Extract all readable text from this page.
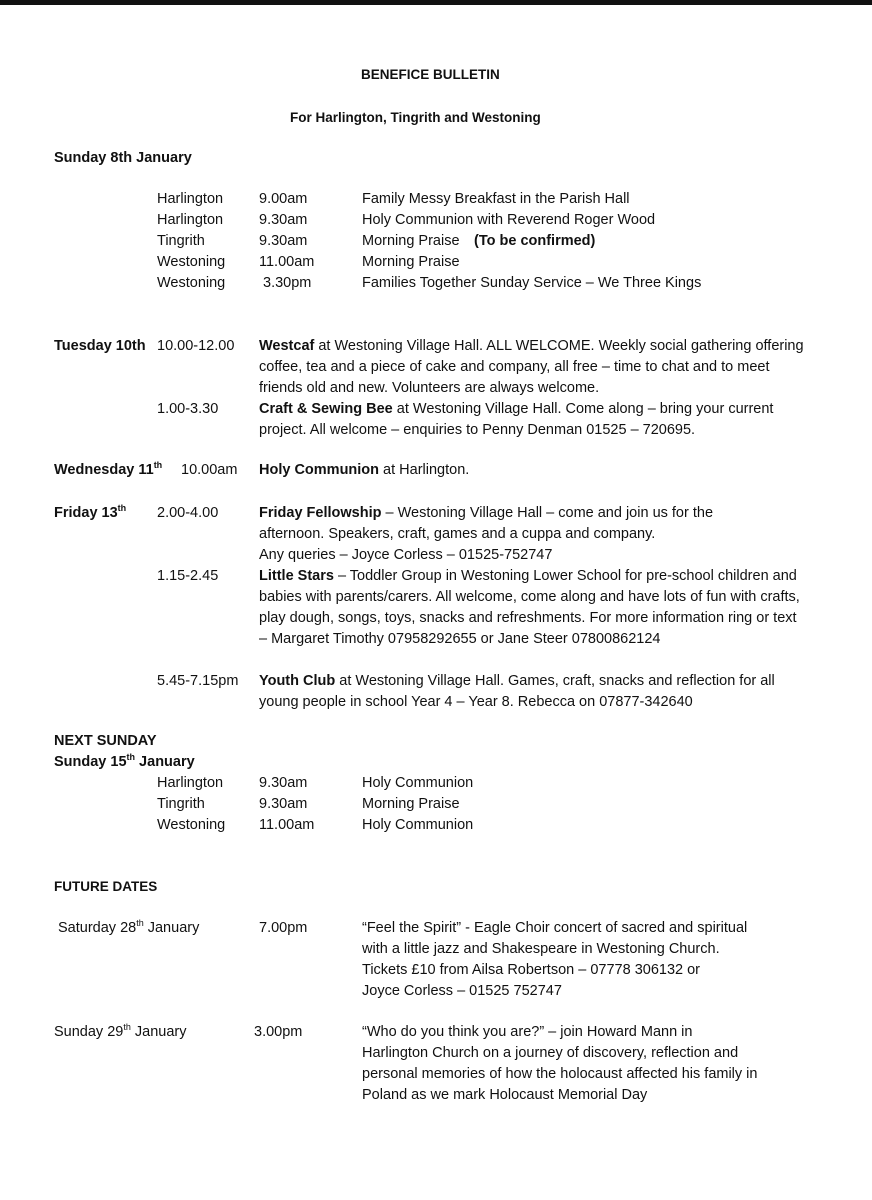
BENEFICE BULLETIN
For Harlington, Tingrith and Westoning
Sunday 8th January
Harlington 9.00am	Family Messy Breakfast in the Parish Hall
Harlington 9.30am	Holy Communion with Reverend Roger Wood
Tingrith	9.30am	Morning Praise (To be confirmed)
Westoning 11.00am	Morning Praise
Westoning	3.30pm	Families Together Sunday Service – We Three Kings
Tuesday 10th 10.00-12.00 Westcaf at Westoning Village Hall. ALL WELCOME. Weekly social gathering offering coffee, tea and a piece of cake and company, all free – time to chat and to meet friends old and new. Volunteers are always welcome.
1.00-3.30	Craft & Sewing Bee at Westoning Village Hall. Come along – bring your current project. All welcome – enquiries to Penny Denman 01525 – 720695.
Wednesday 11th 10.00am Holy Communion at Harlington.
Friday 13th 2.00-4.00	Friday Fellowship – Westoning Village Hall – come and join us for the afternoon. Speakers, craft, games and a cuppa and company.
Any queries – Joyce Corless – 01525-752747
1.15-2.45	Little Stars – Toddler Group in Westoning Lower School for pre-school children and babies with parents/carers. All welcome, come along and have lots of fun with crafts, play dough, songs, toys, snacks and refreshments. For more information ring or text – Margaret Timothy 07958292655 or Jane Steer 07800862124
5.45-7.15pm Youth Club at Westoning Village Hall. Games, craft, snacks and reflection for all young people in school Year 4 – Year 8. Rebecca on 07877-342640
NEXT SUNDAY
Sunday 15th January
Harlington 9.30am	Holy Communion
Tingrith	9.30am	Morning Praise
Westoning 11.00am	Holy Communion
FUTURE DATES
Saturday 28th January	7.00pm	“Feel the Spirit” - Eagle Choir concert of sacred and spiritual
with a little jazz and Shakespeare in Westoning Church.
Tickets £10 from Ailsa Robertson – 07778 306132 or
Joyce Corless – 01525 752747
Sunday 29th January	3.00pm	“Who do you think you are?” – join Howard Mann in
Harlington Church on a journey of discovery, reflection and
personal memories of how the holocaust affected his family in
Poland as we mark Holocaust Memorial Day
